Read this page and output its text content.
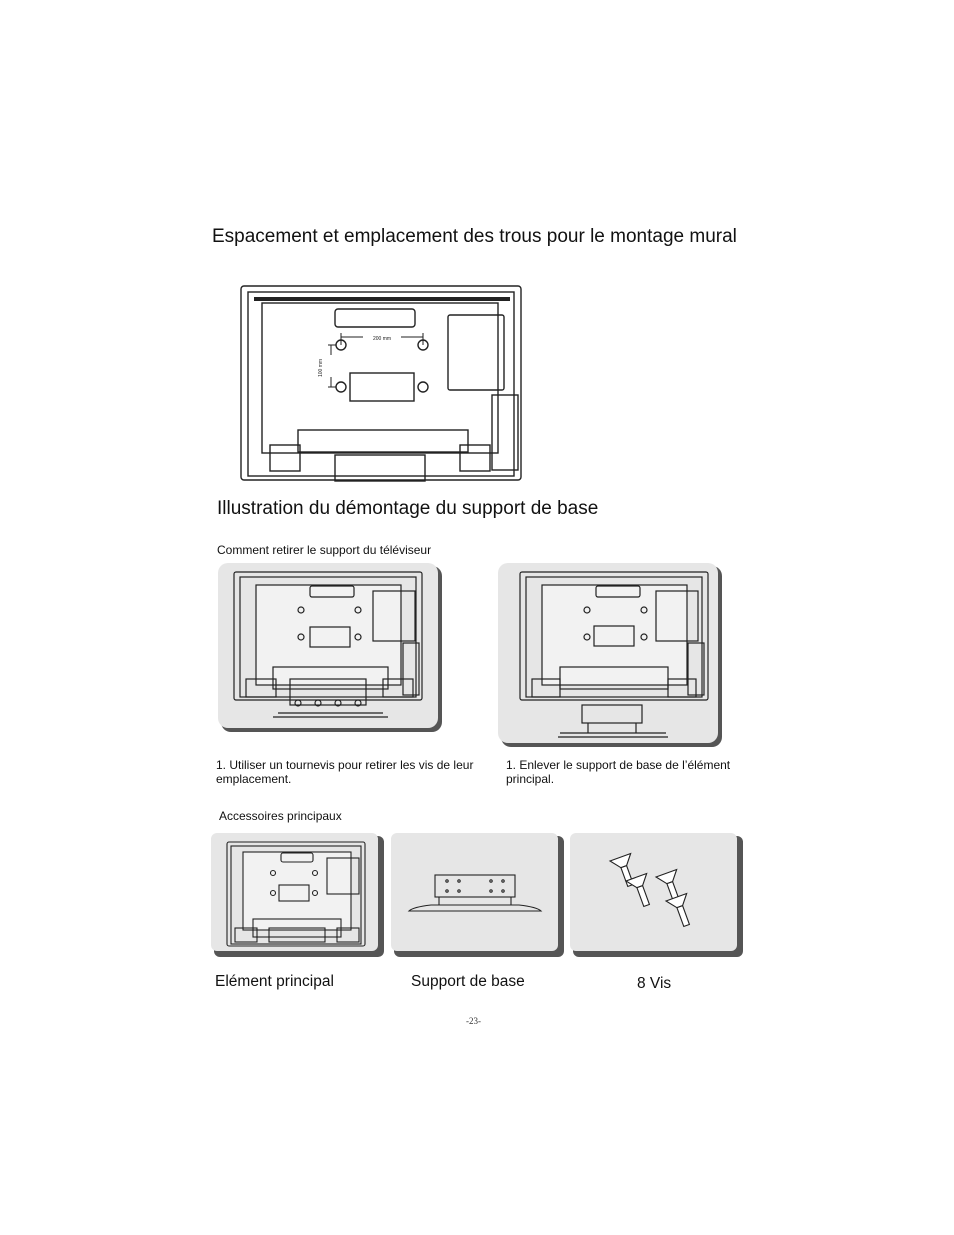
Espacement et emplacement des trous pour le montage mural
200 mm
100 mm
Illustration du démontage du support de base
Comment retirer le support du téléviseur
1. Utiliser un tournevis pour retirer les vis de leur emplacement.
1. Enlever le support de base de l’élément principal.
Accessoires principaux
Elément principal	Support de base	8 Vis
-23-
